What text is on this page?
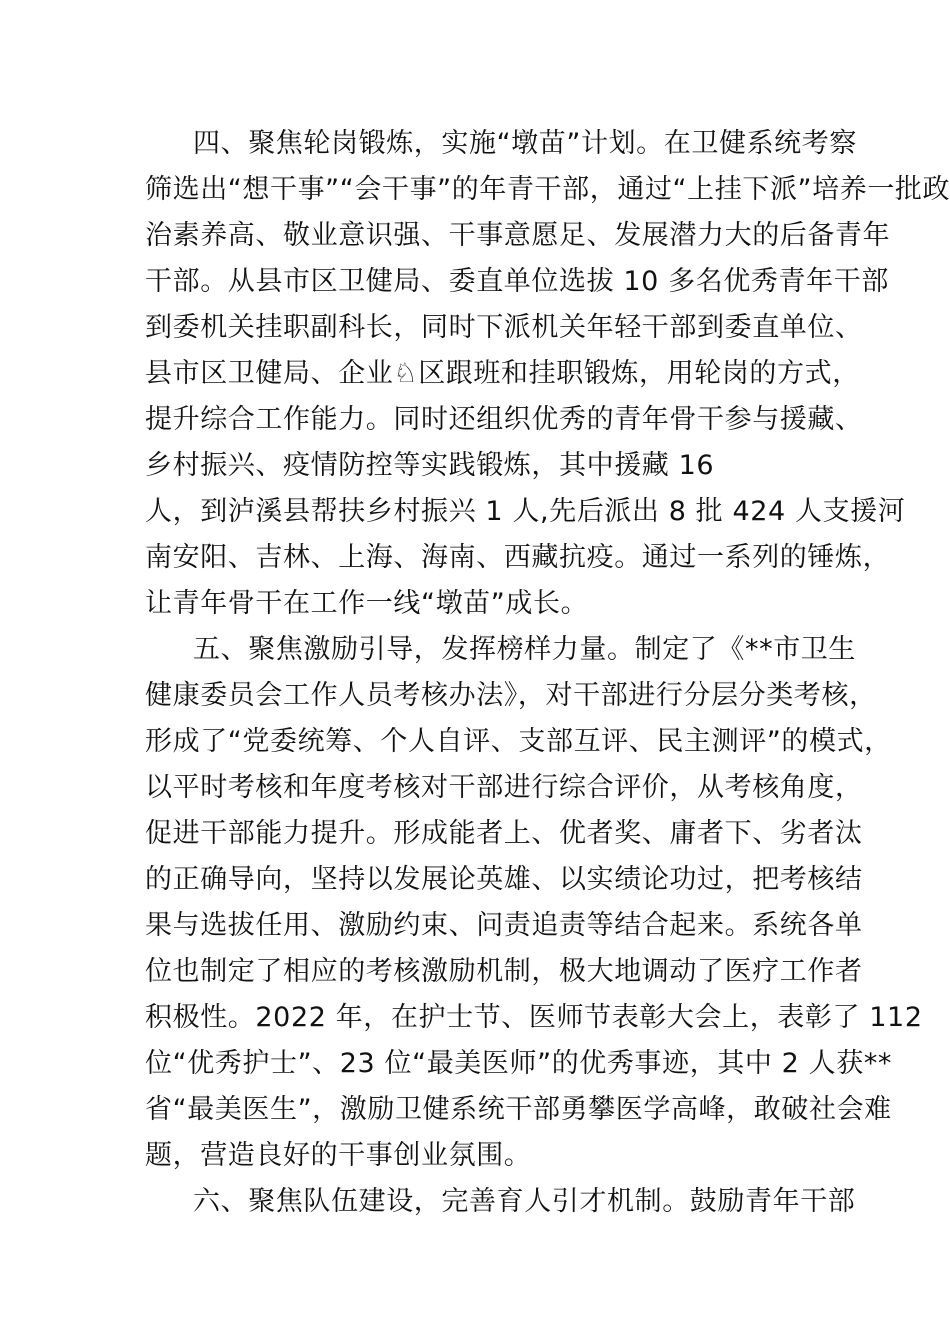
四、聚焦轮岗锻炼，实施“墩苗”计划。在卫健系统考察
筛选出“想干事”“会干事”的年青干部，通过“上挂下派”培养一批政
治素养高、敬业意识强、干事意愿足、发展潜力大的后备青年
干部。从县市区卫健局、委直单位选拔 10 多名优秀青年干部
到委机关挂职副科长，同时下派机关年轻干部到委直单位、
县市区卫健局、企业♘区跟班和挂职锻炼，用轮岗的方式，
提升综合工作能力。同时还组织优秀的青年骨干参与援藏、
乡村振兴、疫情防控等实践锻炼，其中援藏 16
人，到泸溪县帮扶乡村振兴 1 人,先后派出 8 批 424 人支援河
南安阳、吉林、上海、海南、西藏抗疫。通过一系列的锤炼，
让青年骨干在工作一线“墩苗”成长。
五、聚焦激励引导，发挥榜样力量。制定了《**市卫生
健康委员会工作人员考核办法》，对干部进行分层分类考核，
形成了“党委统筹、个人自评、支部互评、民主测评”的模式，
以平时考核和年度考核对干部进行综合评价，从考核角度，
促进干部能力提升。形成能者上、优者奖、庸者下、劣者汰
的正确导向，坚持以发展论英雄、以实绩论功过，把考核结
果与选拔任用、激励约束、问责追责等结合起来。系统各单
位也制定了相应的考核激励机制，极大地调动了医疗工作者
积极性。2022 年，在护士节、医师节表彰大会上，表彰了 112
位“优秀护士”、23 位“最美医师”的优秀事迹，其中 2 人获**
省“最美医生”，激励卫健系统干部勇攀医学高峰，敢破社会难
题，营造良好的干事创业氛围。
六、聚焦队伍建设，完善育人引才机制。鼓励青年干部
